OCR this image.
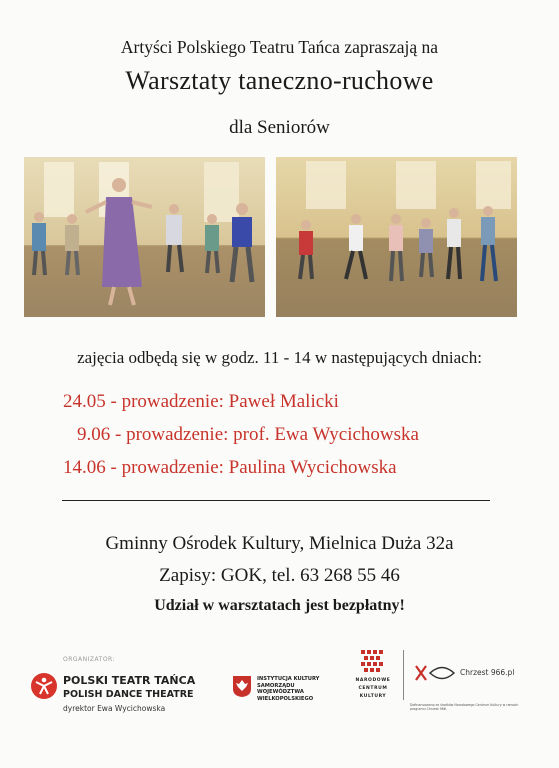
Artyści Polskiego Teatru Tańca zapraszają na
Warsztaty taneczno-ruchowe
dla Seniorów
zajęcia odbędą się w godz. 11 - 14 w następujących dniach:
24.05 - prowadzenie: Paweł Malicki
9.06 - prowadzenie: prof. Ewa Wycichowska
14.06 - prowadzenie: Paulina Wycichowska
Gminny Ośrodek Kultury, Mielnica Duża 32a
Zapisy: GOK, tel. 63 268 55 46
Udział w warsztatach jest bezpłatny!
ORGANIZATOR:
POLSKI TEATR TAŃCA
POLISH DANCE THEATRE
dyrektor Ewa Wycichowska
INSTYTUCJA KULTURY SAMORZĄDU WOJEWÓDZTWA WIELKOPOLSKIEGO
NARODOWE CENTRUM KULTURY
Chrzest 966.pl
Dofinansowano ze środków Narodowego Centrum Kultury w ramach programu Chrzest 966.
